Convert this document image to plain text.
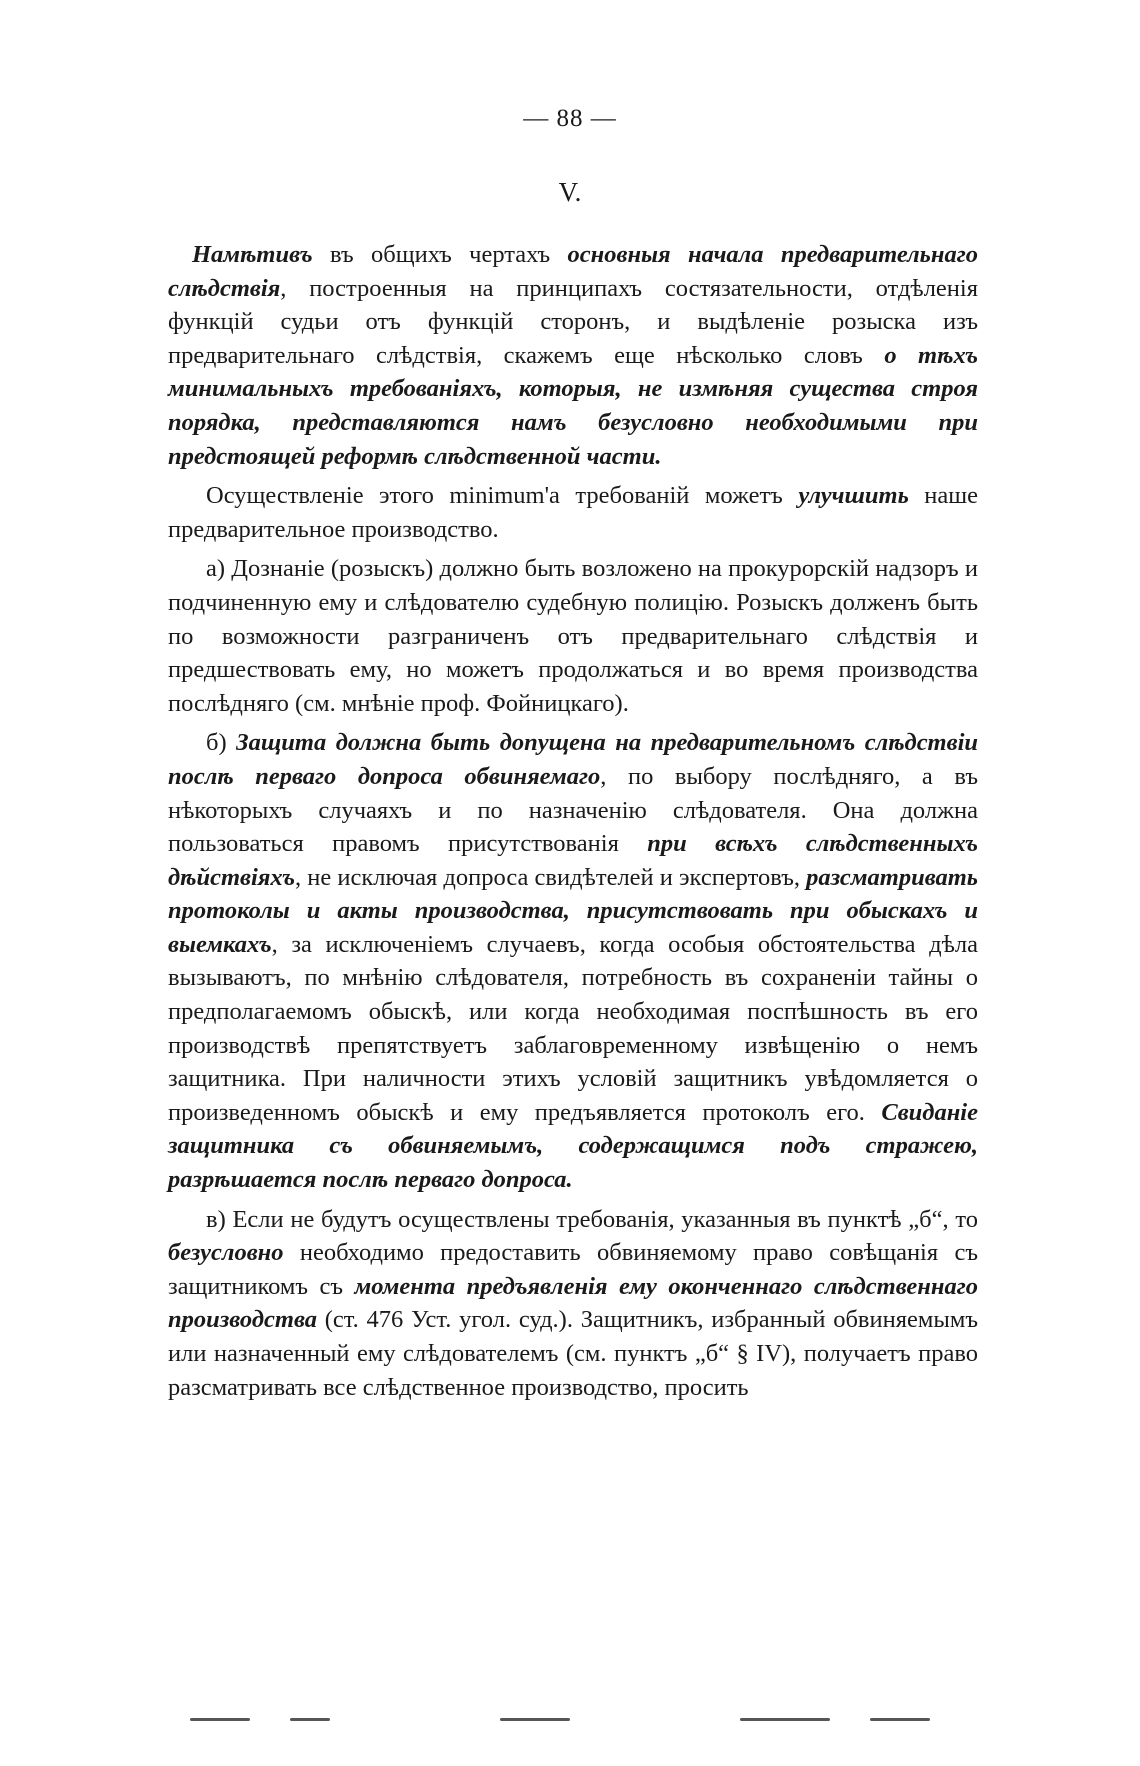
— 88 —
V.

Намѣтивъ въ общихъ чертахъ основныя начала предварительнаго слѣдствія, построенныя на принципахъ состязательности, отдѣленія функцій судьи отъ функцій сторонъ, и выдѣленіе розыска изъ предварительнаго слѣдствія, скажемъ еще нѣсколько словъ о тѣхъ минимальныхъ требованіяхъ, которыя, не измѣняя существа строя порядка, представляются намъ безусловно необходимыми при предстоящей реформѣ слѣдственной части.

Осуществленіе этого minimum'а требованій можетъ улучшить наше предварительное производство.

а) Дознаніе (розыскъ) должно быть возложено на прокурорскій надзоръ и подчиненную ему и слѣдователю судебную полицію. Розыскъ долженъ быть по возможности разграниченъ отъ предварительнаго слѣдствія и предшествовать ему, но можетъ продолжаться и во время производства послѣдняго (см. мнѣніе проф. Фойницкаго).

б) Защита должна быть допущена на предварительномъ слѣдствіи послѣ перваго допроса обвиняемаго, по выбору послѣдняго, а въ нѣкоторыхъ случаяхъ и по назначенію слѣдователя. Она должна пользоваться правомъ присутствованія при всѣхъ слѣдственныхъ дѣйствіяхъ, не исключая допроса свидѣтелей и экспертовъ, разсматривать протоколы и акты производства, присутствовать при обыскахъ и выемкахъ, за исключеніемъ случаевъ, когда особыя обстоятельства дѣла вызываютъ, по мнѣнію слѣдователя, потребность въ сохраненіи тайны о предполагаемомъ обыскѣ, или когда необходимая поспѣшность въ его производствѣ препятствуетъ заблаговременному извѣщенію о немъ защитника. При наличности этихъ условій защитникъ увѣдомляется о произведенномъ обыскѣ и ему предъявляется протоколъ его. Свиданіе защитника съ обвиняемымъ, содержащимся подъ стражею, разрѣшается послѣ перваго допроса.

в) Если не будутъ осуществлены требованія, указанныя въ пунктѣ „б“, то безусловно необходимо предоставить обвиняемому право совѣщанія съ защитникомъ съ момента предъявленія ему оконченнаго слѣдственнаго производства (ст. 476 Уст. угол. суд.). Защитникъ, избранный обвиняемымъ или назначенный ему слѣдователемъ (см. пунктъ „б“ § IV), получаетъ право разсматривать все слѣдственное производство, просить
